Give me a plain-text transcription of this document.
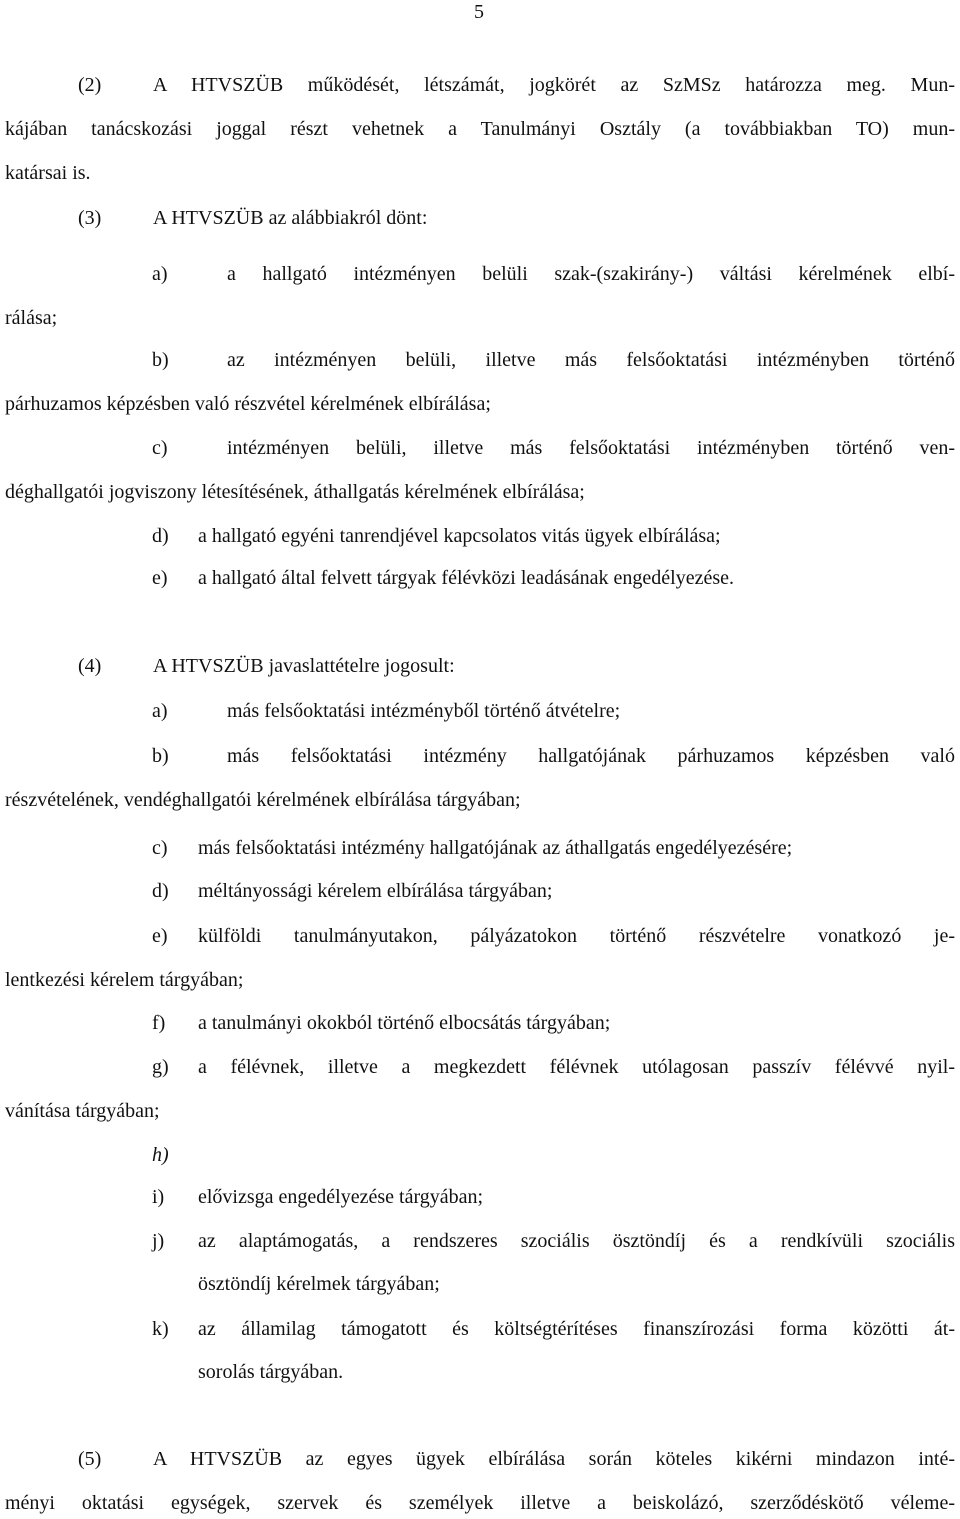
5
(2)	A HTVSZÜB működését, létszámát, jogkörét az SzMSz határozza meg. Mun-
kájában tanácskozási joggal részt vehetnek a Tanulmányi Osztály (a továbbiakban TO) mun-
katársai is.
(3)	A HTVSZÜB az alábbiakról dönt:
a)	a hallgató intézményen belüli szak-(szakirány-) váltási kérelmének elbí-
rálása;
b)	az intézményen belüli, illetve más felsőoktatási intézményben történő
párhuzamos képzésben való részvétel kérelmének elbírálása;
c)	intézményen belüli, illetve más felsőoktatási intézményben történő ven-
déghallgatói jogviszony létesítésének, áthallgatás kérelmének elbírálása;
d) a hallgató egyéni tanrendjével kapcsolatos vitás ügyek elbírálása;
e) a hallgató által felvett tárgyak félévközi leadásának engedélyezése.
(4)	A HTVSZÜB javaslattételre jogosult:
a)	más felsőoktatási intézményből történő átvételre;
b)	más felsőoktatási intézmény hallgatójának párhuzamos képzésben való
részvételének, vendéghallgatói kérelmének elbírálása tárgyában;
c) más felsőoktatási intézmény hallgatójának az áthallgatás engedélyezésére;
d) méltányossági kérelem elbírálása tárgyában;
e) külföldi tanulmányutakon, pályázatokon történő részvételre vonatkozó je-
lentkezési kérelem tárgyában;
f) a tanulmányi okokból történő elbocsátás tárgyában;
g) a félévnek, illetve a megkezdett félévnek utólagosan passzív félévvé nyil-
vánítása tárgyában;
h)
i) elővizsga engedélyezése tárgyában;
j) az alaptámogatás, a rendszeres szociális ösztöndíj és a rendkívüli szociális
ösztöndíj kérelmek tárgyában;
k) az államilag támogatott és költségtérítéses finanszírozási forma közötti át-
sorolás tárgyában.
(5)	A HTVSZÜB az egyes ügyek elbírálása során köteles kikérni mindazon inté-
ményi oktatási egységek, szervek és személyek illetve a beiskolázó, szerződéskötő véleme-
